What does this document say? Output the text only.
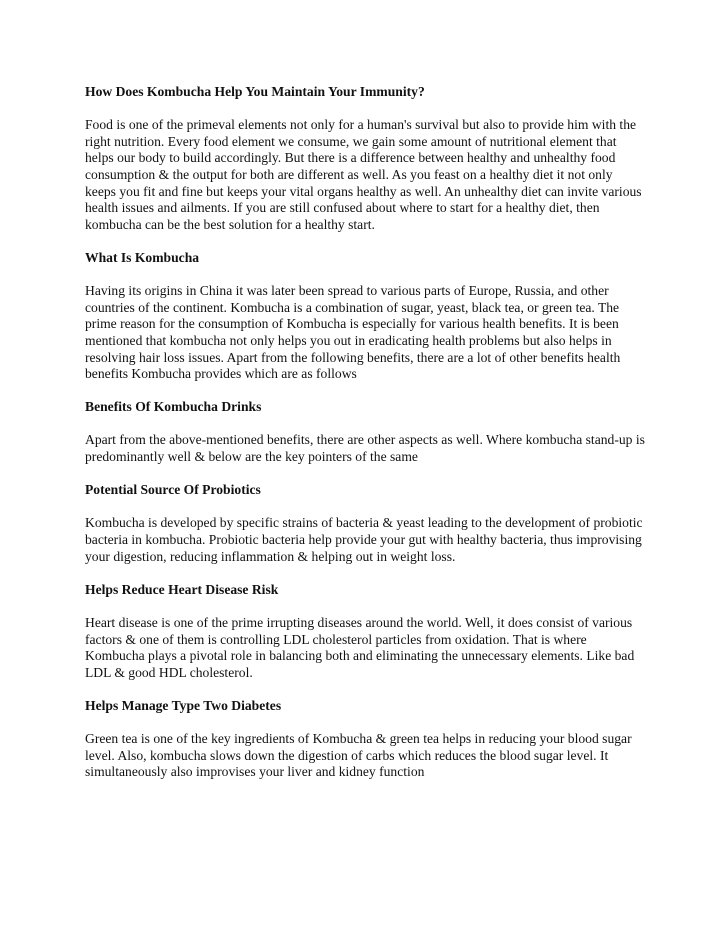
How Does Kombucha Help You Maintain Your Immunity?
Food is one of the primeval elements not only for a human's survival but also to provide him with the right nutrition. Every food element we consume, we gain some amount of nutritional element that helps our body to build accordingly. But there is a difference between healthy and unhealthy food consumption & the output for both are different as well. As you feast on a healthy diet it not only keeps you fit and fine but keeps your vital organs healthy as well. An unhealthy diet can invite various health issues and ailments. If you are still confused about where to start for a healthy diet, then kombucha can be the best solution for a healthy start.
What Is Kombucha
Having its origins in China it was later been spread to various parts of Europe, Russia, and other countries of the continent. Kombucha is a combination of sugar, yeast, black tea, or green tea. The prime reason for the consumption of Kombucha is especially for various health benefits. It is been mentioned that kombucha not only helps you out in eradicating health problems but also helps in resolving hair loss issues. Apart from the following benefits, there are a lot of other benefits health benefits Kombucha provides which are as follows
Benefits Of Kombucha Drinks
Apart from the above-mentioned benefits, there are other aspects as well. Where kombucha stand-up is predominantly well & below are the key pointers of the same
Potential Source Of Probiotics
Kombucha is developed by specific strains of bacteria & yeast leading to the development of probiotic bacteria in kombucha. Probiotic bacteria help provide your gut with healthy bacteria, thus improvising your digestion, reducing inflammation & helping out in weight loss.
Helps Reduce Heart Disease Risk
Heart disease is one of the prime irrupting diseases around the world. Well, it does consist of various factors & one of them is controlling LDL cholesterol particles from oxidation. That is where Kombucha plays a pivotal role in balancing both and eliminating the unnecessary elements. Like bad LDL & good HDL cholesterol.
Helps Manage Type Two Diabetes
Green tea is one of the key ingredients of Kombucha & green tea helps in reducing your blood sugar level. Also, kombucha slows down the digestion of carbs which reduces the blood sugar level. It simultaneously also improvises your liver and kidney function
